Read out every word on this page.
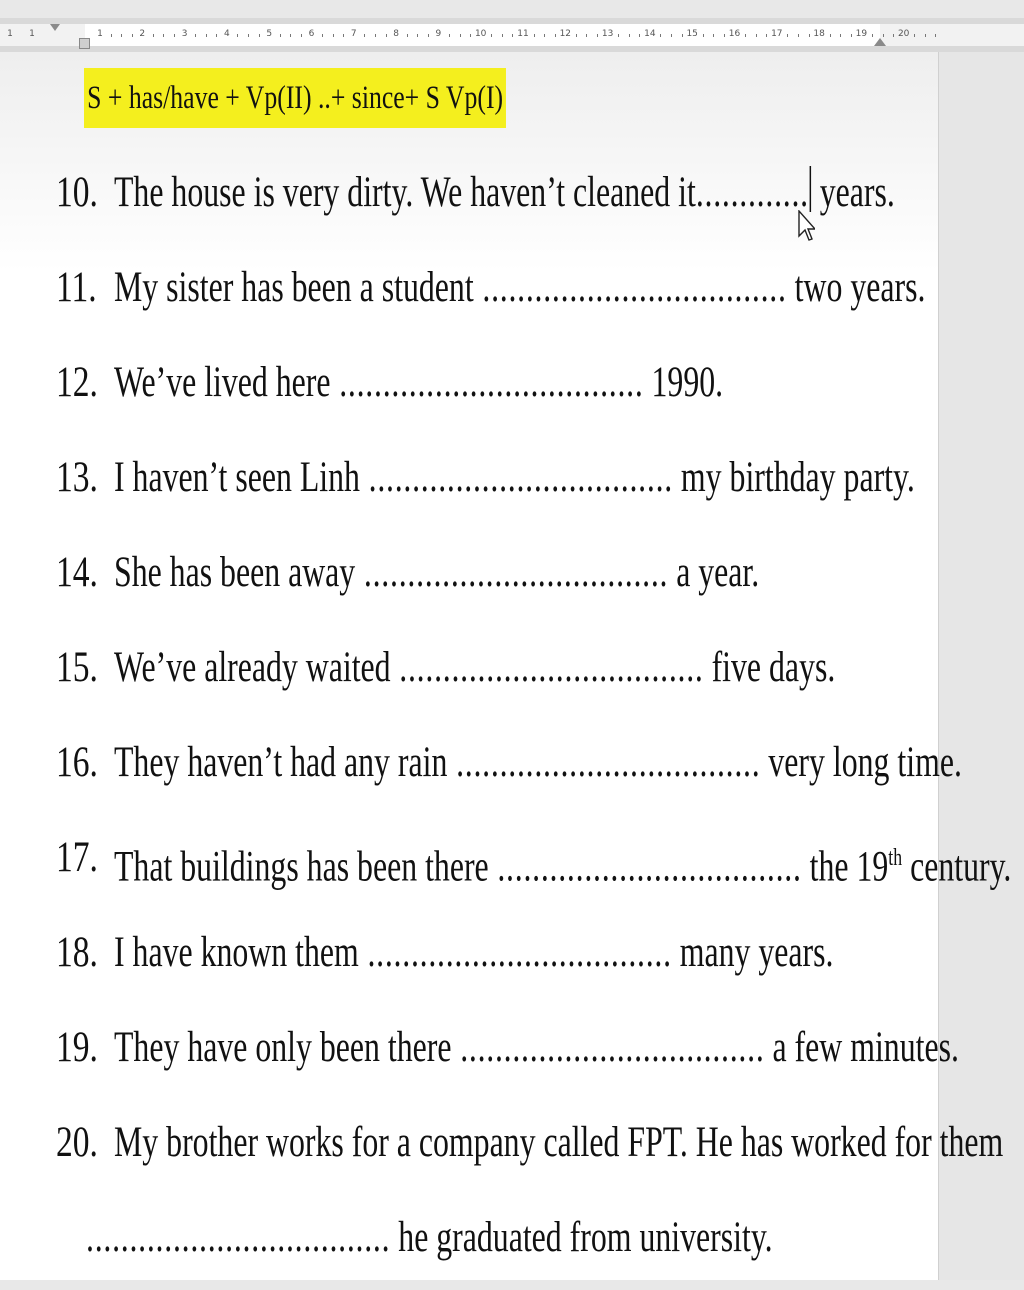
1 1	1	2	3	4	5	6	7	8	9	10	11	12	13	14	15	16	17	18	19	20
S + has/have + Vp(II) ..+ since+ S Vp(I)
10. The house is very dirty. We haven’t cleaned it............. years.
11. My sister has been a student ................................... two years.
12. We’ve lived here ................................... 1990.
13. I haven’t seen Linh ................................... my birthday party.
14. She has been away ................................... a year.
15. We’ve already waited ................................... five days.
16. They haven’t had any rain ................................... very long time.
17. That buildings has been there ................................... the 19th century.
18. I have known them ................................... many years.
19. They have only been there ................................... a few minutes.
20. My brother works for a company called FPT. He has worked for them
................................... he graduated from university.
